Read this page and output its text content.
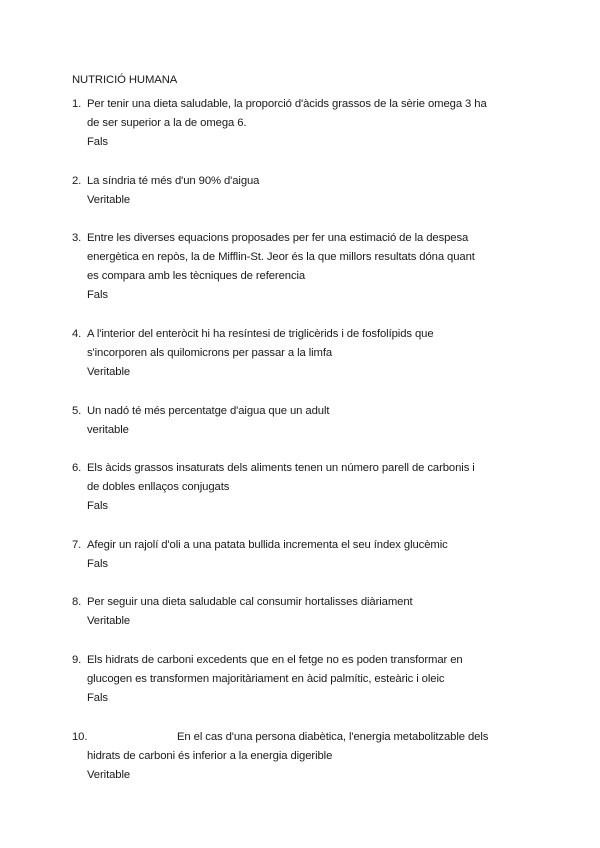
NUTRICIÓ HUMANA
1. Per tenir una dieta saludable, la proporció d'àcids grassos de la sèrie omega 3 ha
de ser superior a la de omega 6.
Fals
2. La síndria té més d'un 90% d'aigua
Veritable
3. Entre les diverses equacions proposades per fer una estimació de la despesa
energètica en repòs, la de Mifflin-St. Jeor és la que millors resultats dóna quant
es compara amb les tècniques de referencia
Fals
4. A l'interior del enteròcit hi ha resíntesi de triglicèrids i de fosfolípids que
s'incorporen als quilomicrons per passar a la limfa
Veritable
5. Un nadó té més percentatge d'aigua que un adult
veritable
6. Els àcids grassos insaturats dels aliments tenen un número parell de carbonis i
de dobles enllaços conjugats
Fals
7. Afegir un rajolí d'oli a una patata bullida incrementa el seu índex glucèmic
Fals
8. Per seguir una dieta saludable cal consumir hortalisses diàriament
Veritable
9. Els hidrats de carboni excedents que en el fetge no es poden transformar en
glucogen es transformen majoritàriament en àcid palmític, esteàric i oleic
Fals
10.	En el cas d'una persona diabètica, l'energia metabolitzable dels
hidrats de carboni és inferior a la energia digerible
Veritable
